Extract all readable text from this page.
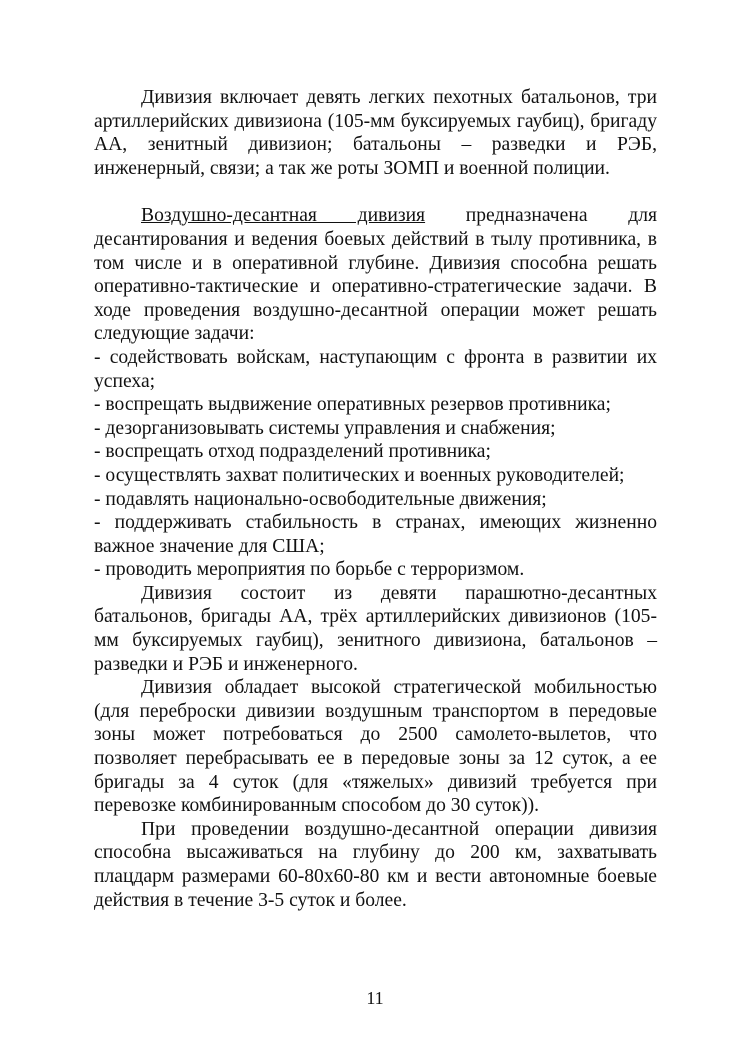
Дивизия включает девять легких пехотных батальонов, три артиллерийских дивизиона (105-мм буксируемых гаубиц), бригаду АА, зенитный дивизион; батальоны – разведки и РЭБ, инженерный, связи; а так же роты ЗОМП и военной полиции.

Воздушно-десантная дивизия предназначена для десантирования и ведения боевых действий в тылу противника, в том числе и в оперативной глубине. Дивизия способна решать оперативно-тактические и оперативно-стратегические задачи. В ходе проведения воздушно-десантной операции может решать следующие задачи:

- содействовать войскам, наступающим с фронта в развитии их успеха;

- воспрещать выдвижение оперативных резервов противника;

- дезорганизовывать системы управления и снабжения;

- воспрещать отход подразделений противника;

- осуществлять захват политических и военных руководителей;

- подавлять национально-освободительные движения;

- поддерживать стабильность в странах, имеющих жизненно важное значение для США;

- проводить мероприятия по борьбе с терроризмом.

Дивизия состоит из девяти парашютно-десантных батальонов, бригады АА, трёх артиллерийских дивизионов (105-мм буксируемых гаубиц), зенитного дивизиона, батальонов – разведки и РЭБ и инженерного.

Дивизия обладает высокой стратегической мобильностью (для переброски дивизии воздушным транспортом в передовые зоны может потребоваться до 2500 самолето-вылетов, что позволяет перебрасывать ее в передовые зоны за 12 суток, а ее бригады за 4 суток (для «тяжелых» дивизий требуется при перевозке комбинированным способом до 30 суток)).

При проведении воздушно-десантной операции дивизия способна высаживаться на глубину до 200 км, захватывать плацдарм размерами 60-80х60-80 км и вести автономные боевые действия в течение 3-5 суток и более.

11
